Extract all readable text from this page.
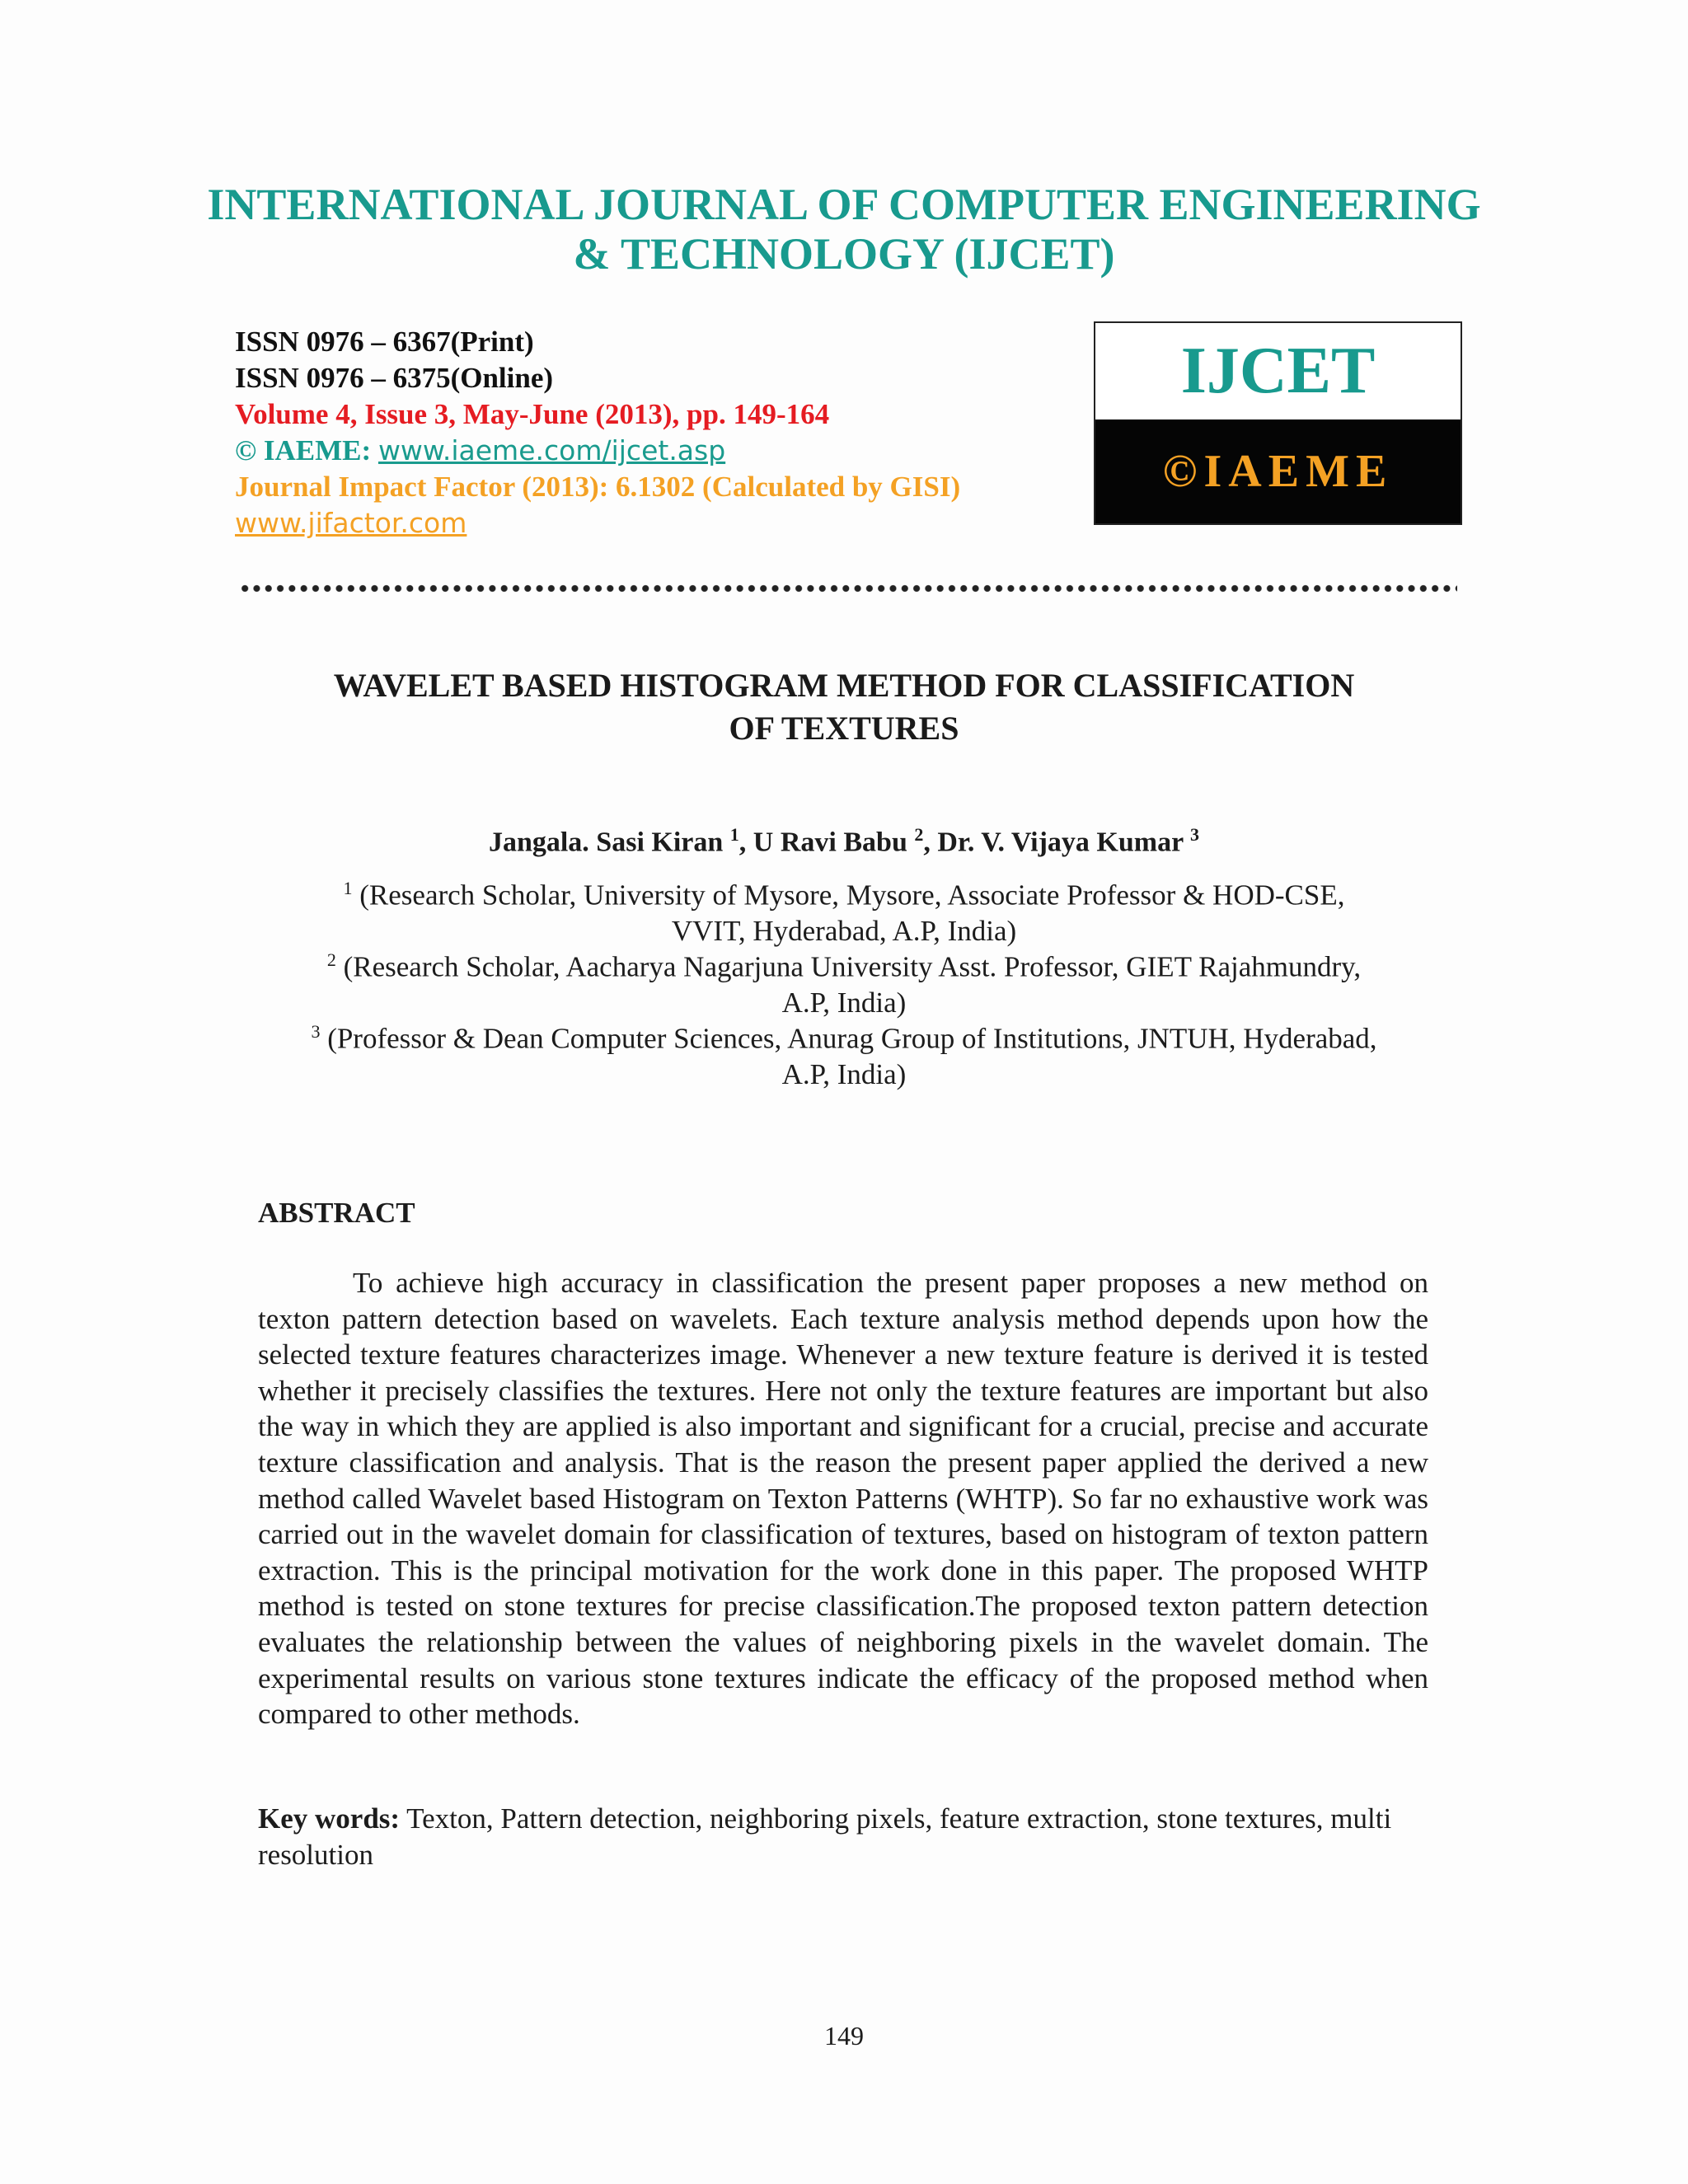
INTERNATIONAL JOURNAL OF COMPUTER ENGINEERING
& TECHNOLOGY (IJCET)
ISSN 0976 – 6367(Print)
ISSN 0976 – 6375(Online)
Volume 4, Issue 3, May-June (2013), pp. 149-164
© IAEME: www.iaeme.com/ijcet.asp
Journal Impact Factor (2013): 6.1302 (Calculated by GISI)
www.jifactor.com
IJCET
©IAEME
WAVELET BASED HISTOGRAM METHOD FOR CLASSIFICATION
OF TEXTURES
Jangala. Sasi Kiran $^1$, U Ravi Babu $^2$, Dr. V. Vijaya Kumar $^3$
$^1$ (Research Scholar, University of Mysore, Mysore, Associate Professor & HOD-CSE,
VVIT, Hyderabad, A.P, India)
$^2$ (Research Scholar, Aacharya Nagarjuna University Asst. Professor, GIET Rajahmundry,
A.P, India)
$^3$ (Professor & Dean Computer Sciences, Anurag Group of Institutions, JNTUH, Hyderabad,
A.P, India)
ABSTRACT
To achieve high accuracy in classification the present paper proposes a new method on texton pattern detection based on wavelets. Each texture analysis method depends upon how the selected texture features characterizes image. Whenever a new texture feature is derived it is tested whether it precisely classifies the textures. Here not only the texture features are important but also the way in which they are applied is also important and significant for a crucial, precise and accurate texture classification and analysis. That is the reason the present paper applied the derived a new method called Wavelet based Histogram on Texton Patterns (WHTP). So far no exhaustive work was carried out in the wavelet domain for classification of textures, based on histogram of texton pattern extraction. This is the principal motivation for the work done in this paper. The proposed WHTP method is tested on stone textures for precise classification.The proposed texton pattern detection evaluates the relationship between the values of neighboring pixels in the wavelet domain. The experimental results on various stone textures indicate the efficacy of the proposed method when compared to other methods.
Key words: Texton, Pattern detection, neighboring pixels, feature extraction, stone textures, multi resolution
149
